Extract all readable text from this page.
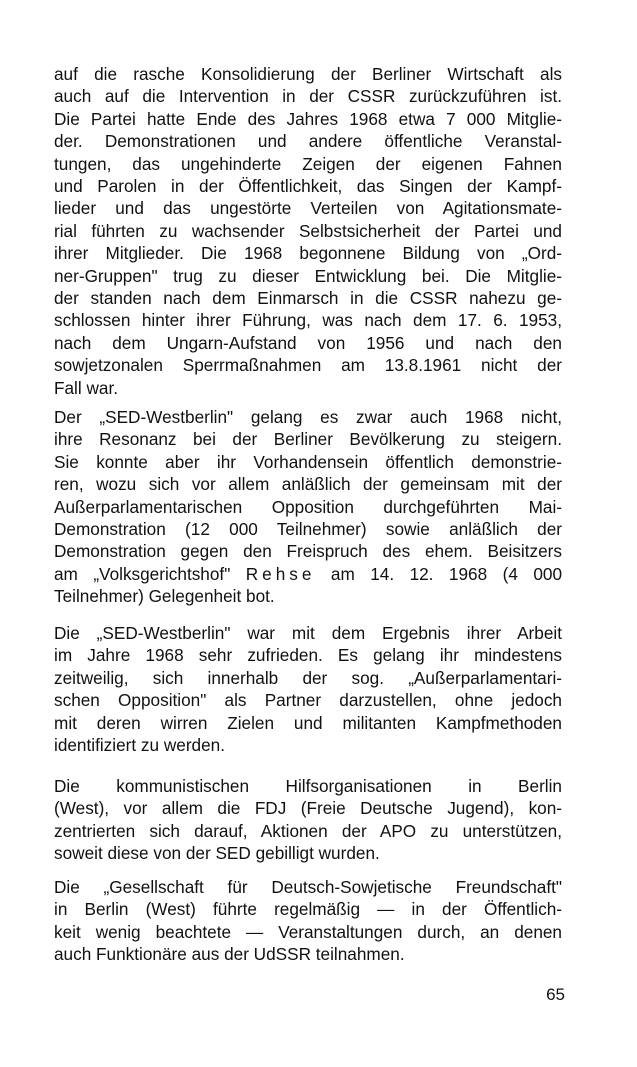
auf die rasche Konsolidierung der Berliner Wirtschaft als
auch auf die Intervention in der CSSR zurückzuführen ist.
Die Partei hatte Ende des Jahres 1968 etwa 7 000 Mitglie-
der. Demonstrationen und andere öffentliche Veranstal-
tungen, das ungehinderte Zeigen der eigenen Fahnen
und Parolen in der Öffentlichkeit, das Singen der Kampf-
lieder und das ungestörte Verteilen von Agitationsmate-
rial führten zu wachsender Selbstsicherheit der Partei und
ihrer Mitglieder. Die 1968 begonnene Bildung von „Ord-
ner-Gruppen" trug zu dieser Entwicklung bei. Die Mitglie-
der standen nach dem Einmarsch in die CSSR nahezu ge-
schlossen hinter ihrer Führung, was nach dem 17. 6. 1953,
nach dem Ungarn-Aufstand von 1956 und nach den
sowjetzonalen Sperrmaßnahmen am 13.8.1961 nicht der
Fall war.
Der „SED-Westberlin" gelang es zwar auch 1968 nicht,
ihre Resonanz bei der Berliner Bevölkerung zu steigern.
Sie konnte aber ihr Vorhandensein öffentlich demonstrie-
ren, wozu sich vor allem anläßlich der gemeinsam mit der
Außerparlamentarischen Opposition durchgeführten Mai-
Demonstration (12 000 Teilnehmer) sowie anläßlich der
Demonstration gegen den Freispruch des ehem. Beisitzers
am „Volksgerichtshof" Rehse am 14. 12. 1968 (4 000
Teilnehmer) Gelegenheit bot.
Die „SED-Westberlin" war mit dem Ergebnis ihrer Arbeit
im Jahre 1968 sehr zufrieden. Es gelang ihr mindestens
zeitweilig, sich innerhalb der sog. „Außerparlamentari-
schen Opposition" als Partner darzustellen, ohne jedoch
mit deren wirren Zielen und militanten Kampfmethoden
identifiziert zu werden.
Die kommunistischen Hilfsorganisationen in Berlin
(West), vor allem die FDJ (Freie Deutsche Jugend), kon-
zentrierten sich darauf, Aktionen der APO zu unterstützen,
soweit diese von der SED gebilligt wurden.
Die „Gesellschaft für Deutsch-Sowjetische Freundschaft"
in Berlin (West) führte regelmäßig — in der Öffentlich-
keit wenig beachtete — Veranstaltungen durch, an denen
auch Funktionäre aus der UdSSR teilnahmen.
65
